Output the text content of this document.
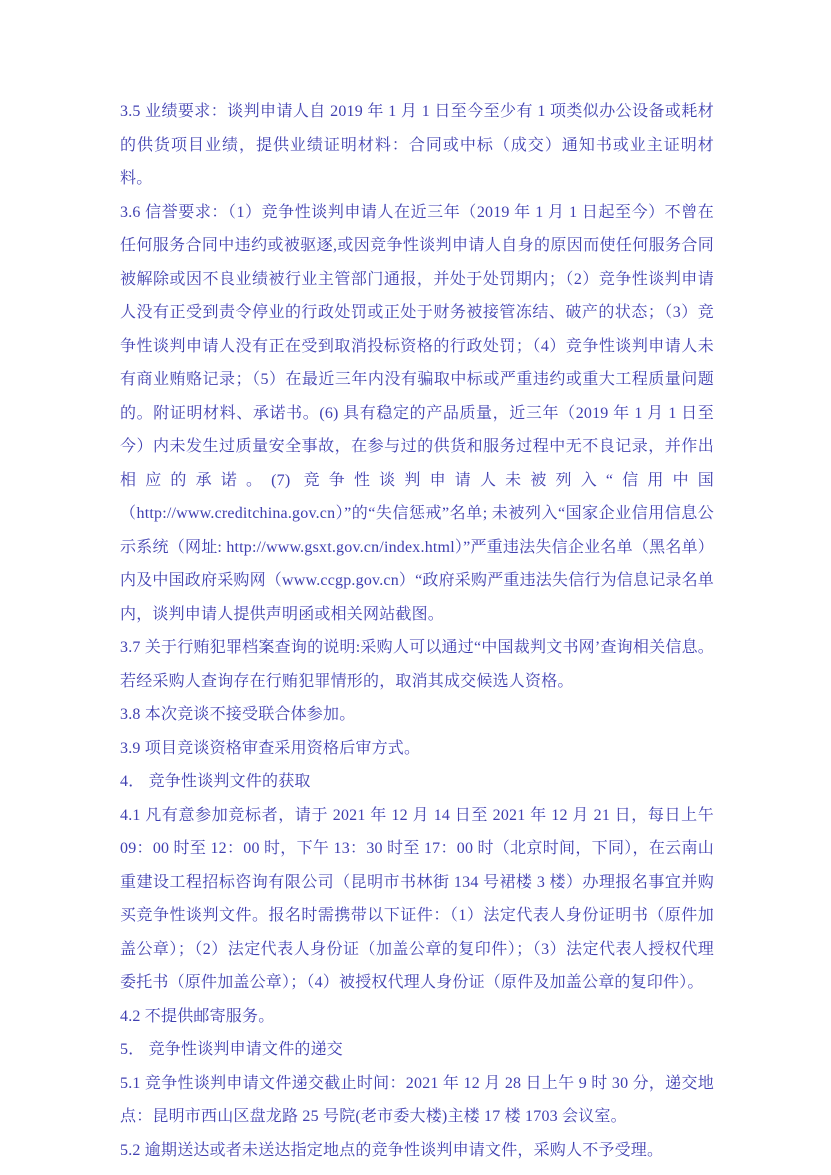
3.5 业绩要求：谈判申请人自 2019 年 1 月 1 日至今至少有 1 项类似办公设备或耗材的供货项目业绩，提供业绩证明材料：合同或中标（成交）通知书或业主证明材料。

3.6 信誉要求：（1）竞争性谈判申请人在近三年（2019 年 1 月 1 日起至今）不曾在任何服务合同中违约或被驱逐,或因竞争性谈判申请人自身的原因而使任何服务合同被解除或因不良业绩被行业主管部门通报，并处于处罚期内；（2）竞争性谈判申请人没有正受到责令停业的行政处罚或正处于财务被接管冻结、破产的状态；（3）竞争性谈判申请人没有正在受到取消投标资格的行政处罚；（4）竞争性谈判申请人未有商业贿赂记录；（5）在最近三年内没有骗取中标或严重违约或重大工程质量问题的。附证明材料、承诺书。(6) 具有稳定的产品质量，近三年（2019 年 1 月 1 日至今）内未发生过质量安全事故，在参与过的供货和服务过程中无不良记录，并作出相应的承诺。(7) 竞争性谈判申请人未被列入“信用中国（http://www.creditchina.gov.cn）”的“失信惩戒”名单; 未被列入“国家企业信用信息公示系统（网址: http://www.gsxt.gov.cn/index.html）”严重违法失信企业名单（黑名单）内及中国政府采购网（www.ccgp.gov.cn）“政府采购严重违法失信行为信息记录名单内，谈判申请人提供声明函或相关网站截图。

3.7 关于行贿犯罪档案查询的说明:采购人可以通过“中国裁判文书网’查询相关信息。若经采购人查询存在行贿犯罪情形的，取消其成交候选人资格。

3.8 本次竞谈不接受联合体参加。

3.9 项目竞谈资格审查采用资格后审方式。

4． 竞争性谈判文件的获取

4.1 凡有意参加竞标者，请于 2021 年 12 月 14 日至 2021 年 12 月 21 日，每日上午 09：00 时至 12：00 时，下午 13：30 时至 17：00 时（北京时间，下同），在云南山重建设工程招标咨询有限公司（昆明市书林街 134 号裙楼 3 楼）办理报名事宜并购买竞争性谈判文件。报名时需携带以下证件：（1）法定代表人身份证明书（原件加盖公章）；（2）法定代表人身份证（加盖公章的复印件）；（3）法定代表人授权代理委托书（原件加盖公章）；（4）被授权代理人身份证（原件及加盖公章的复印件）。

4.2 不提供邮寄服务。

5． 竞争性谈判申请文件的递交

5.1 竞争性谈判申请文件递交截止时间：2021 年 12 月 28 日上午 9 时 30 分，递交地点：昆明市西山区盘龙路 25 号院(老市委大楼)主楼 17 楼 1703 会议室。

5.2 逾期送达或者未送达指定地点的竞争性谈判申请文件，采购人不予受理。
